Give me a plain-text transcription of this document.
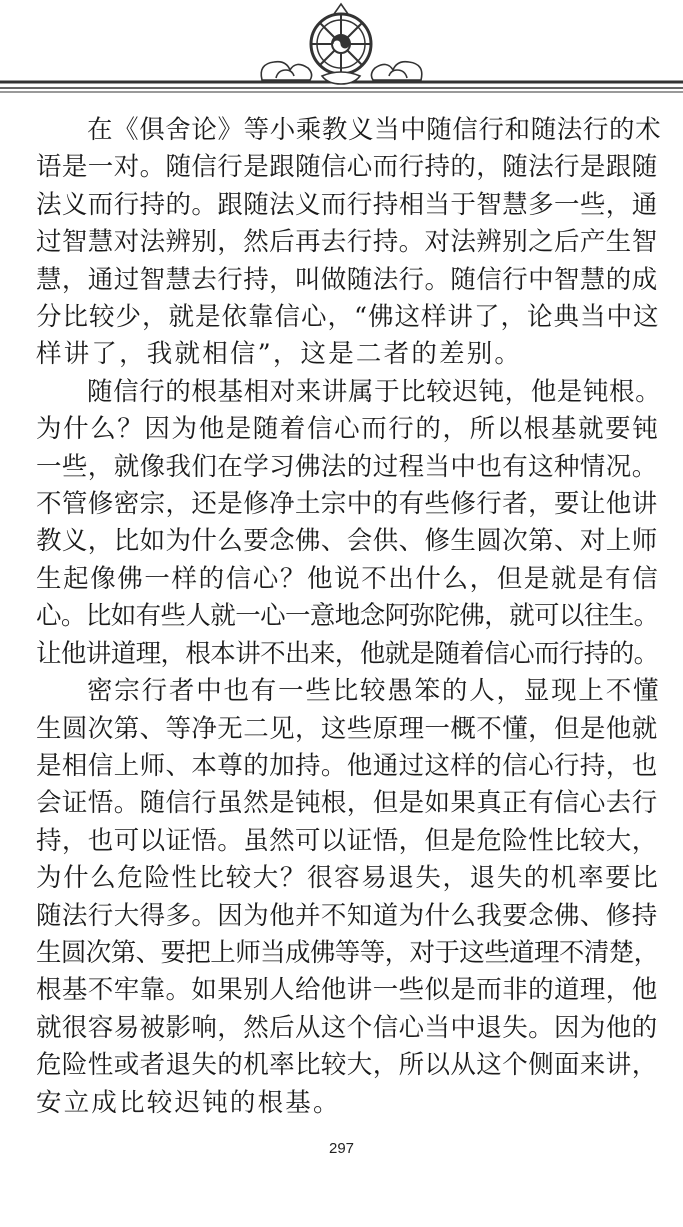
在《俱舍论》等小乘教义当中随信行和随法行的术
语是一对。随信行是跟随信心而行持的，随法行是跟随
法义而行持的。跟随法义而行持相当于智慧多一些，通
过智慧对法辨别，然后再去行持。对法辨别之后产生智
慧，通过智慧去行持，叫做随法行。随信行中智慧的成
分比较少，就是依靠信心，“佛这样讲了，论典当中这
样讲了，我就相信”，这是二者的差别。

随信行的根基相对来讲属于比较迟钝，他是钝根。
为什么？因为他是随着信心而行的，所以根基就要钝
一些，就像我们在学习佛法的过程当中也有这种情况。
不管修密宗，还是修净土宗中的有些修行者，要让他讲
教义，比如为什么要念佛、会供、修生圆次第、对上师
生起像佛一样的信心？他说不出什么，但是就是有信
心。比如有些人就一心一意地念阿弥陀佛，就可以往生。
让他讲道理，根本讲不出来，他就是随着信心而行持的。

密宗行者中也有一些比较愚笨的人，显现上不懂
生圆次第、等净无二见，这些原理一概不懂，但是他就
是相信上师、本尊的加持。他通过这样的信心行持，也
会证悟。随信行虽然是钝根，但是如果真正有信心去行
持，也可以证悟。虽然可以证悟，但是危险性比较大，
为什么危险性比较大？很容易退失，退失的机率要比
随法行大得多。因为他并不知道为什么我要念佛、修持
生圆次第、要把上师当成佛等等，对于这些道理不清楚，
根基不牢靠。如果别人给他讲一些似是而非的道理，他
就很容易被影响，然后从这个信心当中退失。因为他的
危险性或者退失的机率比较大，所以从这个侧面来讲，
安立成比较迟钝的根基。

297
